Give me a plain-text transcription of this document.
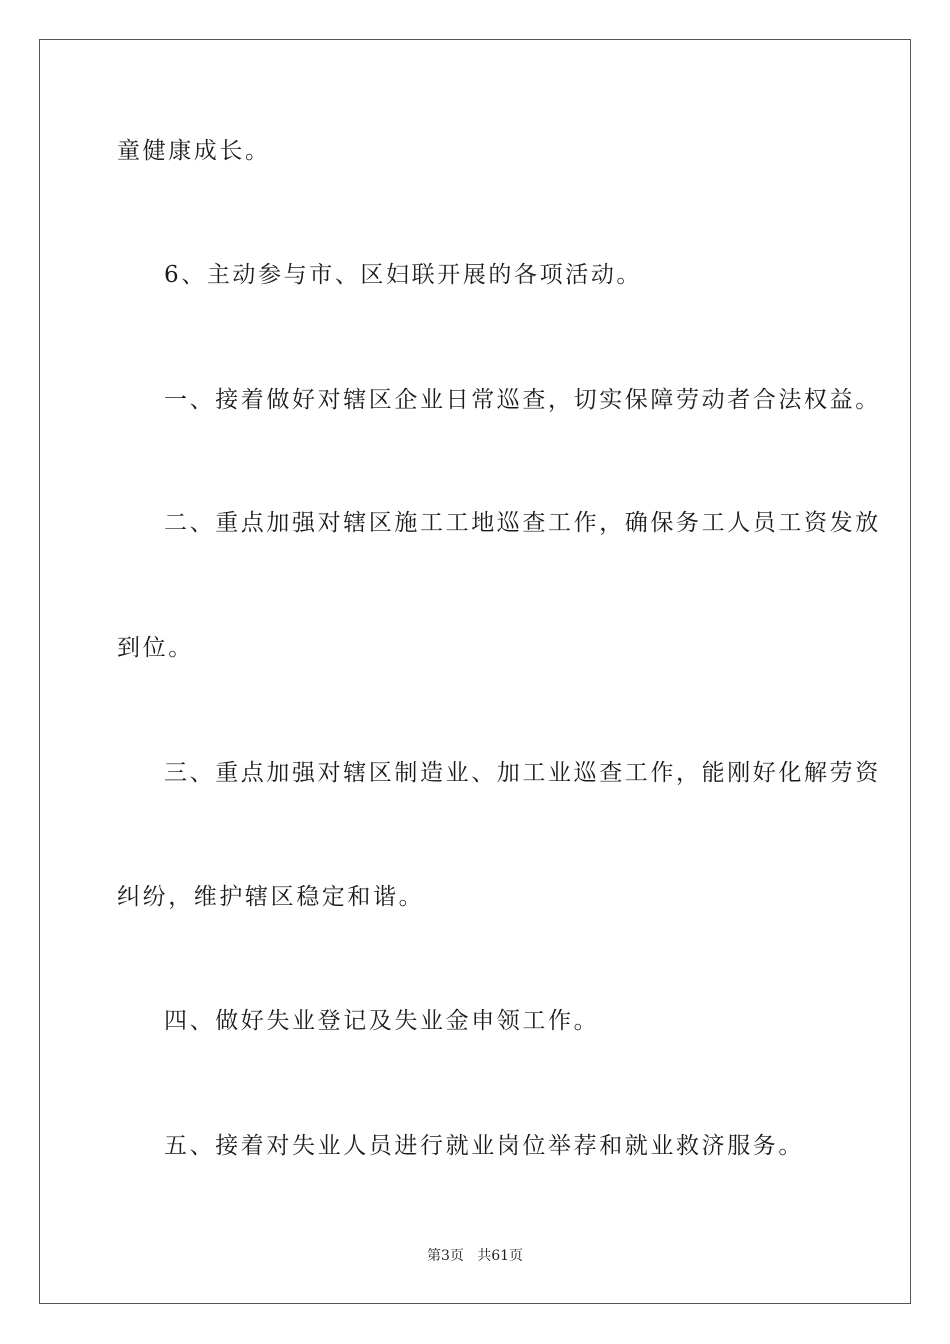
童健康成长。
6、主动参与市、区妇联开展的各项活动。
一、接着做好对辖区企业日常巡查，切实保障劳动者合法权益。
二、重点加强对辖区施工工地巡查工作，确保务工人员工资发放
到位。
三、重点加强对辖区制造业、加工业巡查工作，能刚好化解劳资
纠纷，维护辖区稳定和谐。
四、做好失业登记及失业金申领工作。
五、接着对失业人员进行就业岗位举荐和就业救济服务。
第3页   共61页
